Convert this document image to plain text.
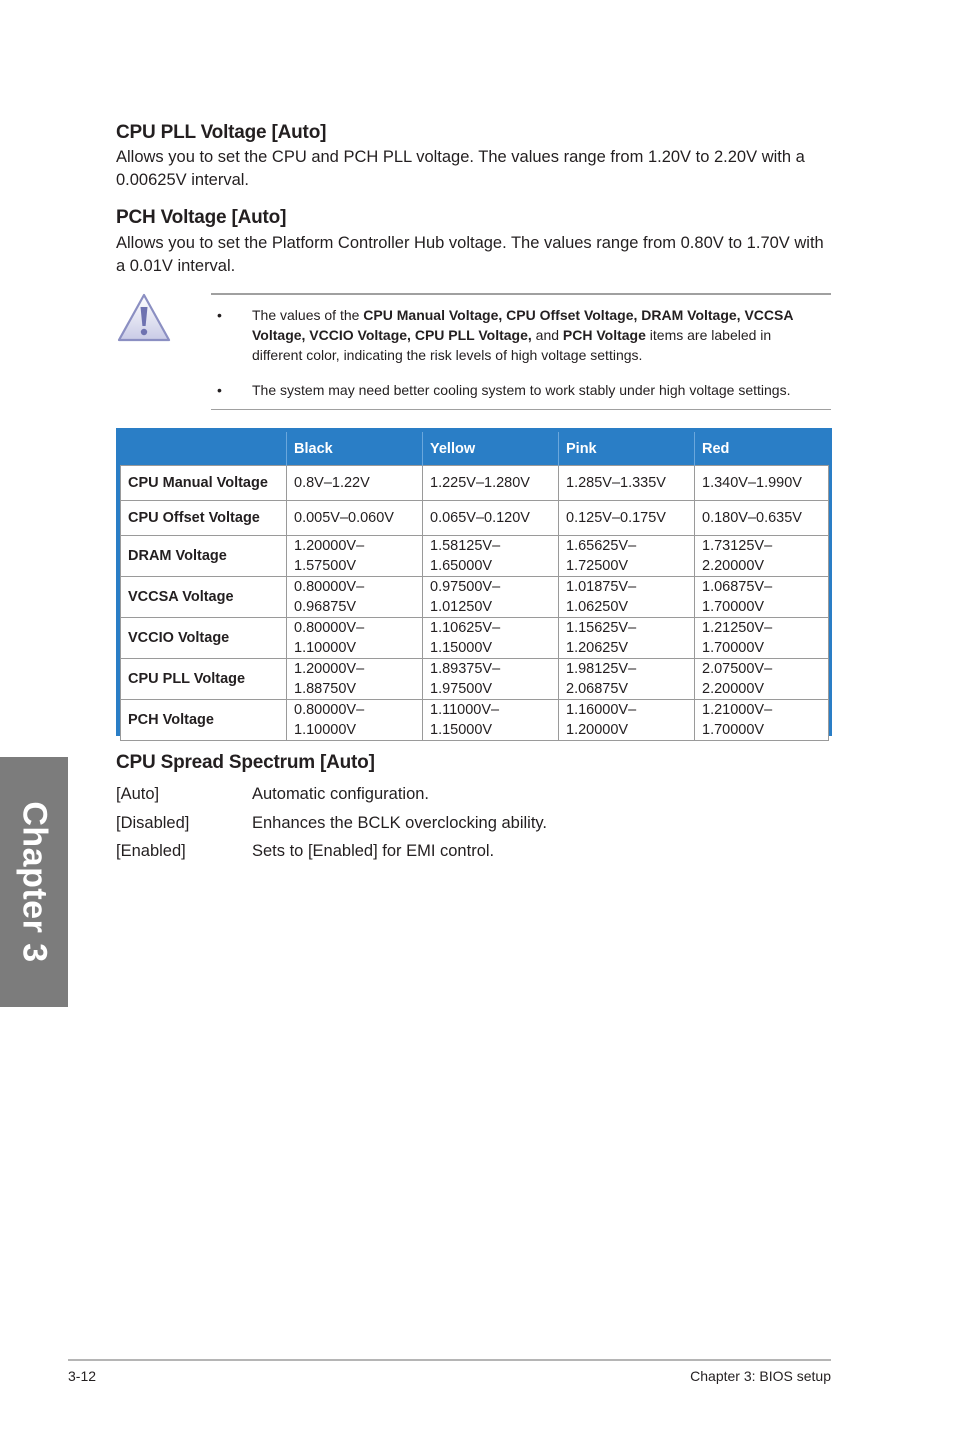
CPU PLL Voltage [Auto]

Allows you to set the CPU and PCH PLL voltage. The values range from 1.20V to 2.20V with a 0.00625V interval.

PCH Voltage [Auto]

Allows you to set the Platform Controller Hub voltage. The values range from 0.80V to 1.70V with a 0.01V interval.

• The values of the CPU Manual Voltage, CPU Offset Voltage, DRAM Voltage, VCCSA Voltage, VCCIO Voltage, CPU PLL Voltage, and PCH Voltage items are labeled in different color, indicating the risk levels of high voltage settings.
• The system may need better cooling system to work stably under high voltage settings.
	Black	Yellow	Pink	Red
CPU Manual Voltage	0.8V–1.22V	1.225V–1.280V	1.285V–1.335V	1.340V–1.990V
CPU Offset Voltage	0.005V–0.060V	0.065V–0.120V	0.125V–0.175V	0.180V–0.635V
DRAM Voltage	1.20000V– 1.57500V	1.58125V– 1.65000V	1.65625V– 1.72500V	1.73125V– 2.20000V
VCCSA Voltage	0.80000V– 0.96875V	0.97500V– 1.01250V	1.01875V– 1.06250V	1.06875V– 1.70000V
VCCIO Voltage	0.80000V– 1.10000V	1.10625V– 1.15000V	1.15625V– 1.20625V	1.21250V– 1.70000V
CPU PLL Voltage	1.20000V– 1.88750V	1.89375V– 1.97500V	1.98125V– 2.06875V	2.07500V– 2.20000V
PCH Voltage	0.80000V– 1.10000V	1.11000V– 1.15000V	1.16000V– 1.20000V	1.21000V– 1.70000V
CPU Spread Spectrum [Auto]
[Auto]	Automatic configuration.
[Disabled]	Enhances the BCLK overclocking ability.
[Enabled]	Sets to [Enabled] for EMI control.
Chapter 3
3-12	Chapter 3: BIOS setup
